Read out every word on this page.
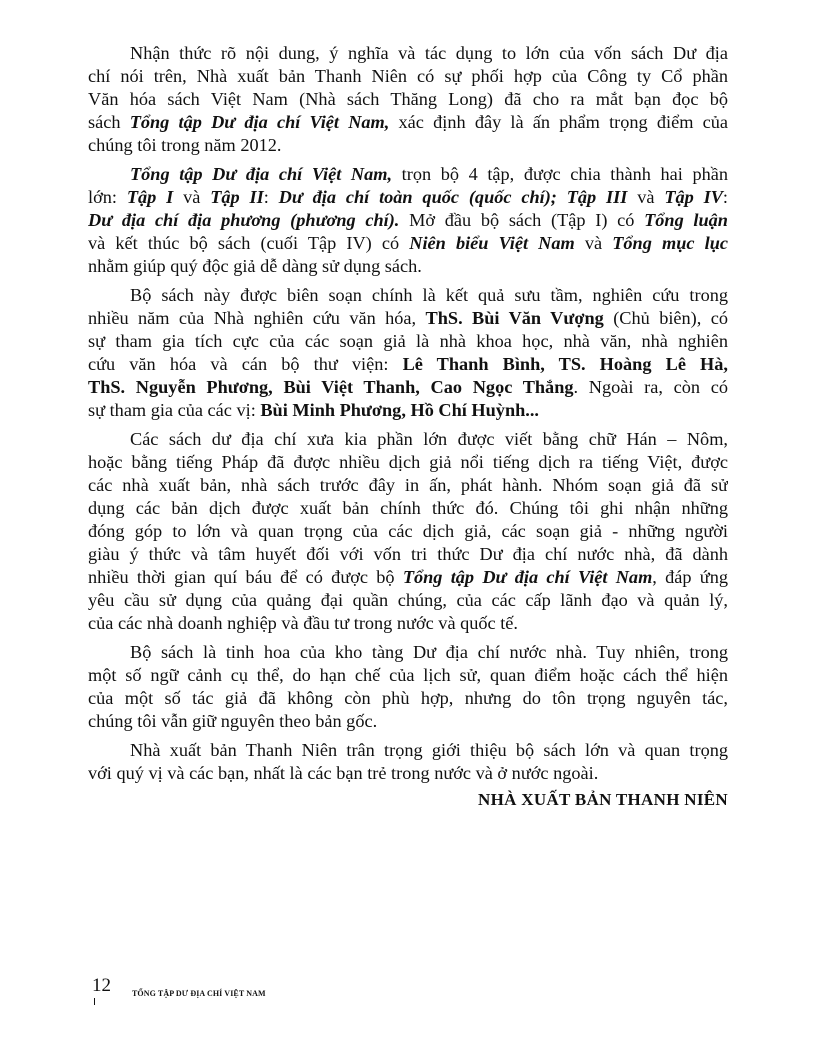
Nhận thức rõ nội dung, ý nghĩa và tác dụng to lớn của vốn sách Dư địa
chí nói trên, Nhà xuất bản Thanh Niên có sự phối hợp của Công ty Cổ phần
Văn hóa sách Việt Nam (Nhà sách Thăng Long) đã cho ra mắt bạn đọc bộ
sách Tổng tập Dư địa chí Việt Nam, xác định đây là ấn phẩm trọng điểm của
chúng tôi trong năm 2012.
Tổng tập Dư địa chí Việt Nam, trọn bộ 4 tập, được chia thành hai phần
lớn: Tập I và Tập II: Dư địa chí toàn quốc (quốc chí); Tập III và Tập IV:
Dư địa chí địa phương (phương chí). Mở đầu bộ sách (Tập I) có Tổng luận
và kết thúc bộ sách (cuối Tập IV) có Niên biểu Việt Nam và Tổng mục lục
nhằm giúp quý độc giả dễ dàng sử dụng sách.
Bộ sách này được biên soạn chính là kết quả sưu tầm, nghiên cứu trong
nhiều năm của Nhà nghiên cứu văn hóa, ThS. Bùi Văn Vượng (Chủ biên), có
sự tham gia tích cực của các soạn giả là nhà khoa học, nhà văn, nhà nghiên
cứu văn hóa và cán bộ thư viện: Lê Thanh Bình, TS. Hoàng Lê Hà,
ThS. Nguyễn Phương, Bùi Việt Thanh, Cao Ngọc Thắng. Ngoài ra, còn có
sự tham gia của các vị: Bùi Minh Phương, Hồ Chí Huỳnh...
Các sách dư địa chí xưa kia phần lớn được viết bằng chữ Hán – Nôm,
hoặc bằng tiếng Pháp đã được nhiều dịch giả nổi tiếng dịch ra tiếng Việt, được
các nhà xuất bản, nhà sách trước đây in ấn, phát hành. Nhóm soạn giả đã sử
dụng các bản dịch được xuất bản chính thức đó. Chúng tôi ghi nhận những
đóng góp to lớn và quan trọng của các dịch giả, các soạn giả - những người
giàu ý thức và tâm huyết đối với vốn tri thức Dư địa chí nước nhà, đã dành
nhiều thời gian quí báu để có được bộ Tổng tập Dư địa chí Việt Nam, đáp ứng
yêu cầu sử dụng của quảng đại quần chúng, của các cấp lãnh đạo và quản lý,
của các nhà doanh nghiệp và đầu tư trong nước và quốc tế.
Bộ sách là tinh hoa của kho tàng Dư địa chí nước nhà. Tuy nhiên, trong
một số ngữ cảnh cụ thể, do hạn chế của lịch sử, quan điểm hoặc cách thể hiện
của một số tác giả đã không còn phù hợp, nhưng do tôn trọng nguyên tác,
chúng tôi vẫn giữ nguyên theo bản gốc.
Nhà xuất bản Thanh Niên trân trọng giới thiệu bộ sách lớn và quan trọng
với quý vị và các bạn, nhất là các bạn trẻ trong nước và ở nước ngoài.
NHÀ XUẤT BẢN THANH NIÊN
12	TỔNG TẬP DƯ ĐỊA CHÍ VIỆT NAM
